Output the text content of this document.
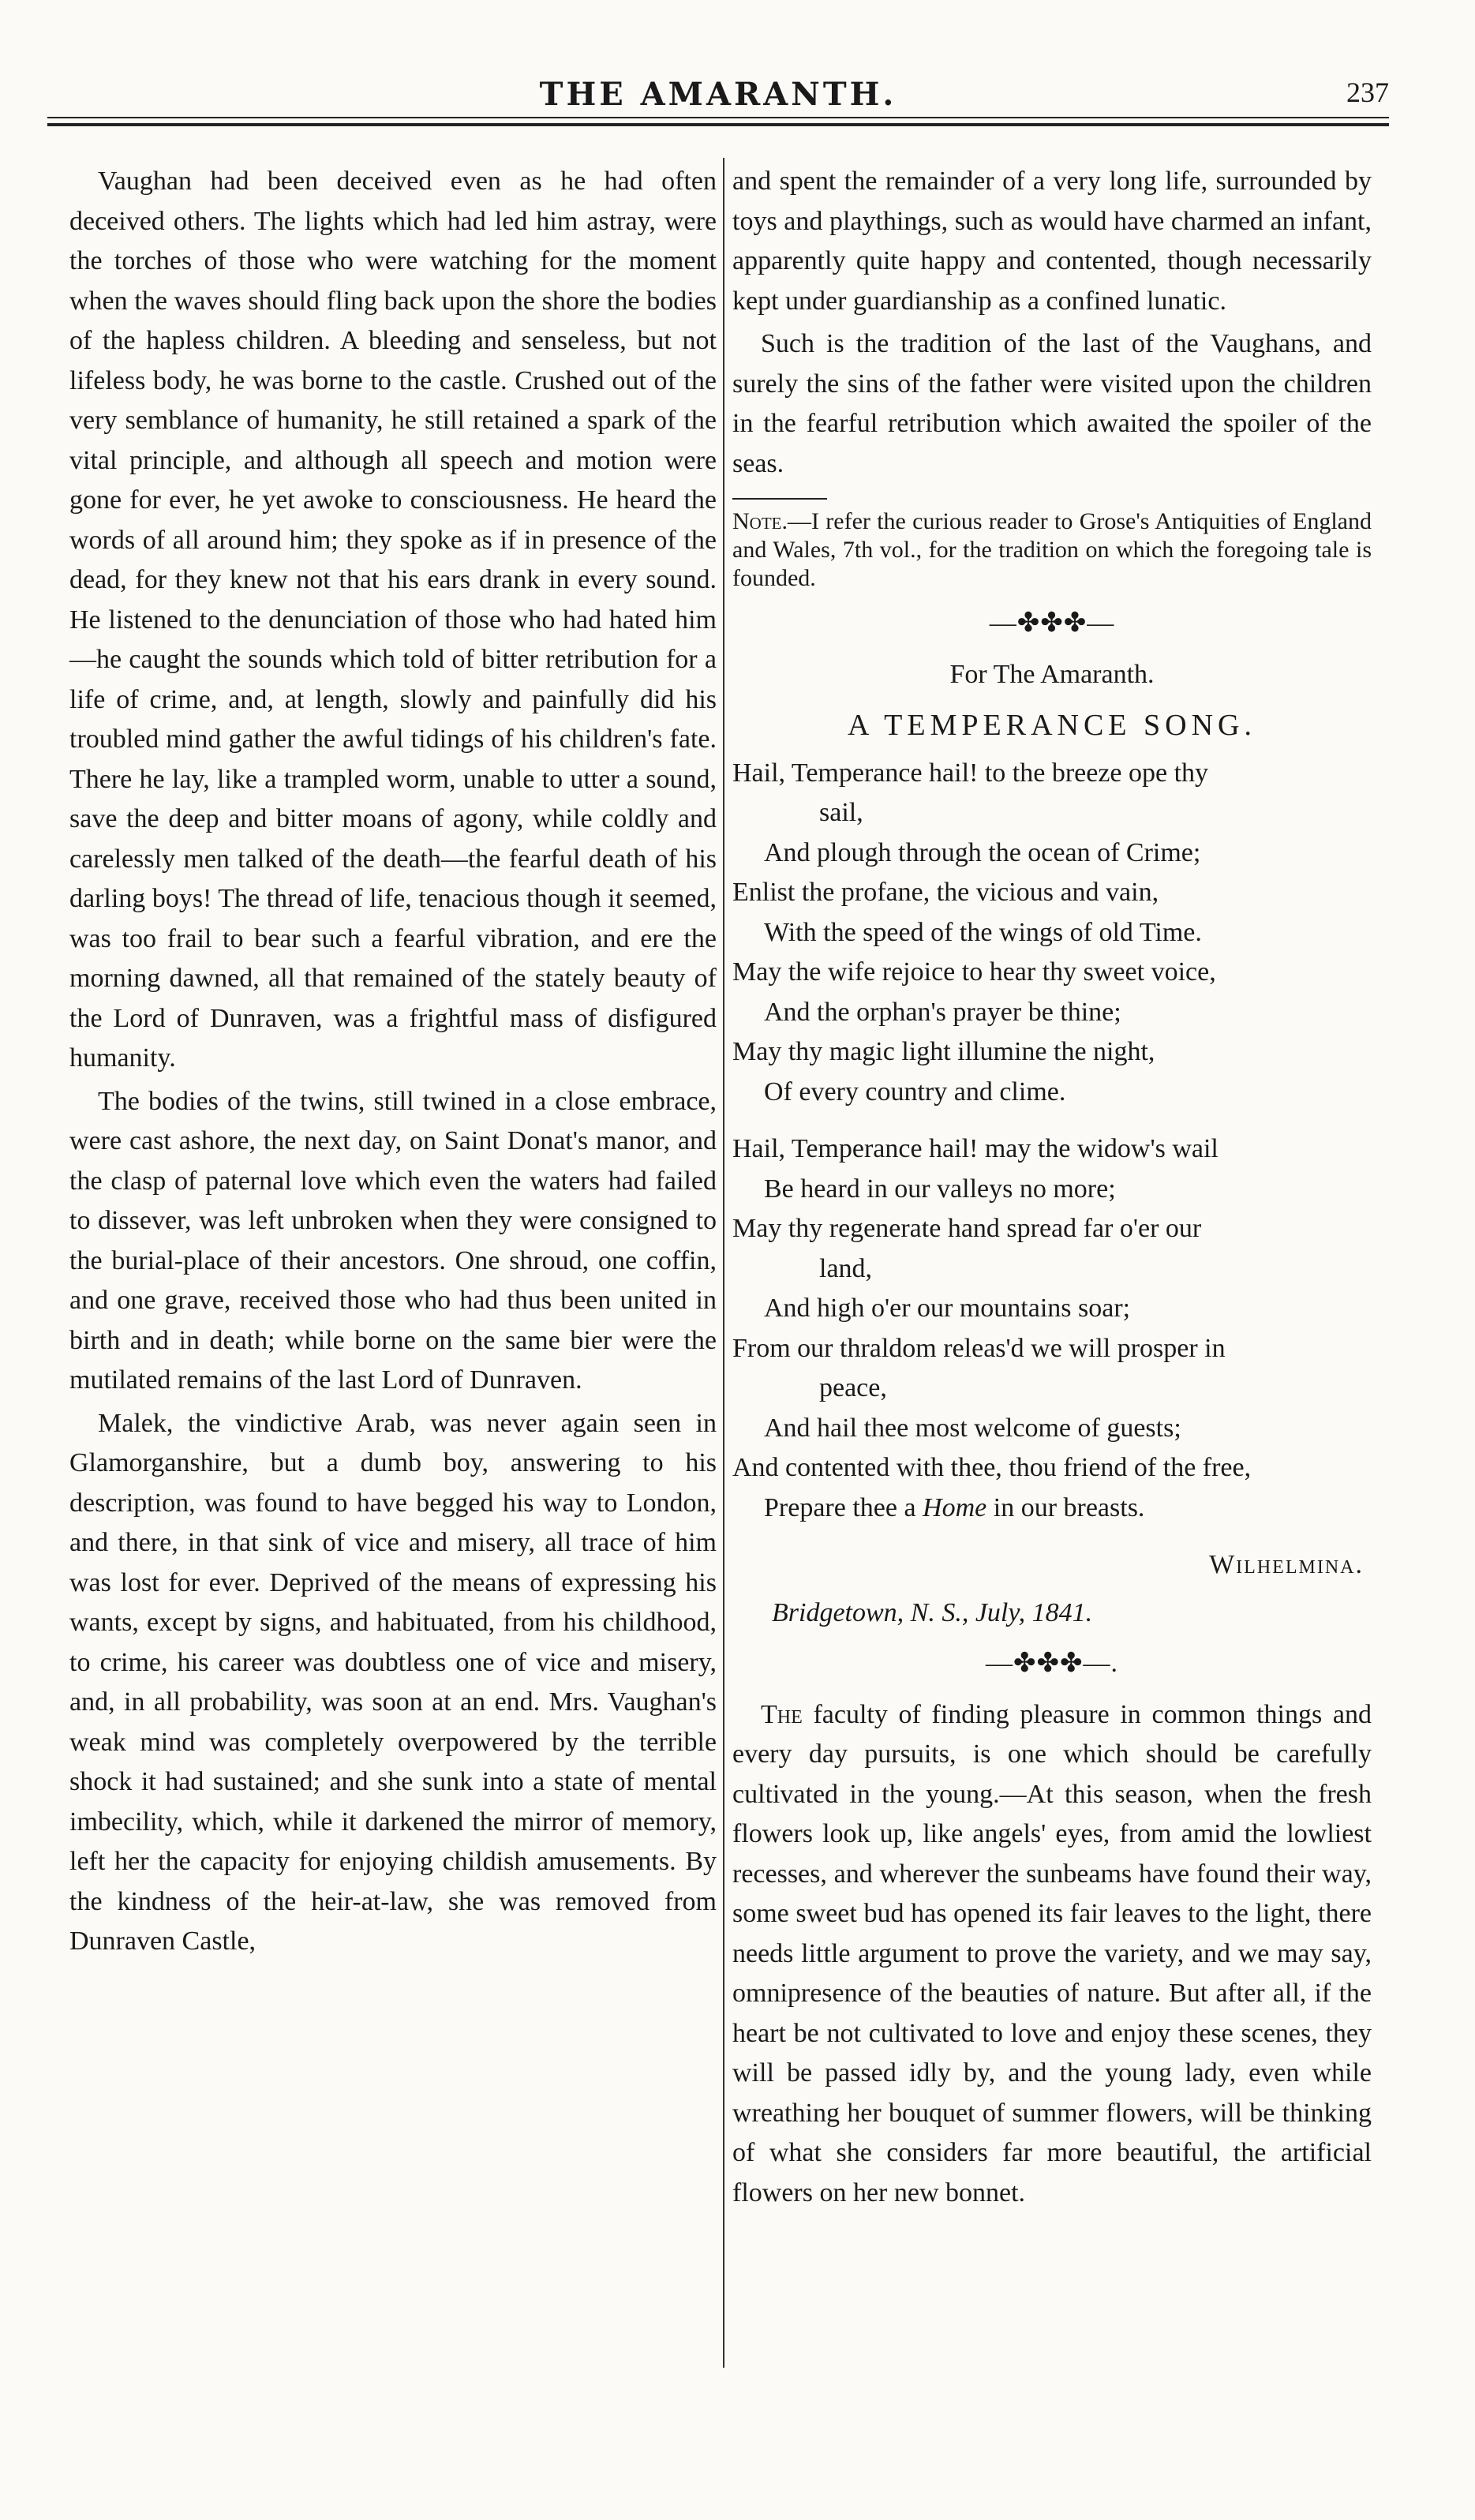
THE AMARANTH.	237

Vaughan had been deceived even as he had often deceived others. The lights which had led him astray, were the torches of those who were watching for the moment when the waves should fling back upon the shore the bodies of the hapless children. A bleeding and senseless, but not lifeless body, he was borne to the castle. Crushed out of the very semblance of humanity, he still retained a spark of the vital principle, and although all speech and motion were gone for ever, he yet awoke to consciousness. He heard the words of all around him; they spoke as if in presence of the dead, for they knew not that his ears drank in every sound. He listened to the denunciation of those who had hated him—he caught the sounds which told of bitter retribution for a life of crime, and, at length, slowly and painfully did his troubled mind gather the awful tidings of his children's fate. There he lay, like a trampled worm, unable to utter a sound, save the deep and bitter moans of agony, while coldly and carelessly men talked of the death—the fearful death of his darling boys! The thread of life, tenacious though it seemed, was too frail to bear such a fearful vibration, and ere the morning dawned, all that remained of the stately beauty of the Lord of Dunraven, was a frightful mass of disfigured humanity.

The bodies of the twins, still twined in a close embrace, were cast ashore, the next day, on Saint Donat's manor, and the clasp of paternal love which even the waters had failed to dissever, was left unbroken when they were consigned to the burial-place of their ancestors. One shroud, one coffin, and one grave, received those who had thus been united in birth and in death; while borne on the same bier were the mutilated remains of the last Lord of Dunraven.

Malek, the vindictive Arab, was never again seen in Glamorganshire, but a dumb boy, answering to his description, was found to have begged his way to London, and there, in that sink of vice and misery, all trace of him was lost for ever. Deprived of the means of expressing his wants, except by signs, and habituated, from his childhood, to crime, his career was doubtless one of vice and misery, and, in all probability, was soon at an end. Mrs. Vaughan's weak mind was completely overpowered by the terrible shock it had sustained; and she sunk into a state of mental imbecility, which, while it darkened the mirror of memory, left her the capacity for enjoying childish amusements. By the kindness of the heir-at-law, she was removed from Dunraven Castle,

and spent the remainder of a very long life, surrounded by toys and playthings, such as would have charmed an infant, apparently quite happy and contented, though necessarily kept under guardianship as a confined lunatic.

Such is the tradition of the last of the Vaughans, and surely the sins of the father were visited upon the children in the fearful retribution which awaited the spoiler of the seas.

Note.—I refer the curious reader to Grose's Antiquities of England and Wales, 7th vol., for the tradition on which the foregoing tale is founded.

—✤✤✤—
For The Amaranth.
A TEMPERANCE SONG.
Hail, Temperance hail! to the breeze ope thy
sail,
And plough through the ocean of Crime;
Enlist the profane, the vicious and vain,
With the speed of the wings of old Time.
May the wife rejoice to hear thy sweet voice,
And the orphan's prayer be thine;
May thy magic light illumine the night,
Of every country and clime.
Hail, Temperance hail! may the widow's wail
Be heard in our valleys no more;
May thy regenerate hand spread far o'er our
land,
And high o'er our mountains soar;
From our thraldom releas'd we will prosper in
peace,
And hail thee most welcome of guests;
And contented with thee, thou friend of the free,
Prepare thee a Home in our breasts.
Wilhelmina.
Bridgetown, N. S., July, 1841.
—✤✤✤—.

The faculty of finding pleasure in common things and every day pursuits, is one which should be carefully cultivated in the young.—At this season, when the fresh flowers look up, like angels' eyes, from amid the lowliest recesses, and wherever the sunbeams have found their way, some sweet bud has opened its fair leaves to the light, there needs little argument to prove the variety, and we may say, omnipresence of the beauties of nature. But after all, if the heart be not cultivated to love and enjoy these scenes, they will be passed idly by, and the young lady, even while wreathing her bouquet of summer flowers, will be thinking of what she considers far more beautiful, the artificial flowers on her new bonnet.
